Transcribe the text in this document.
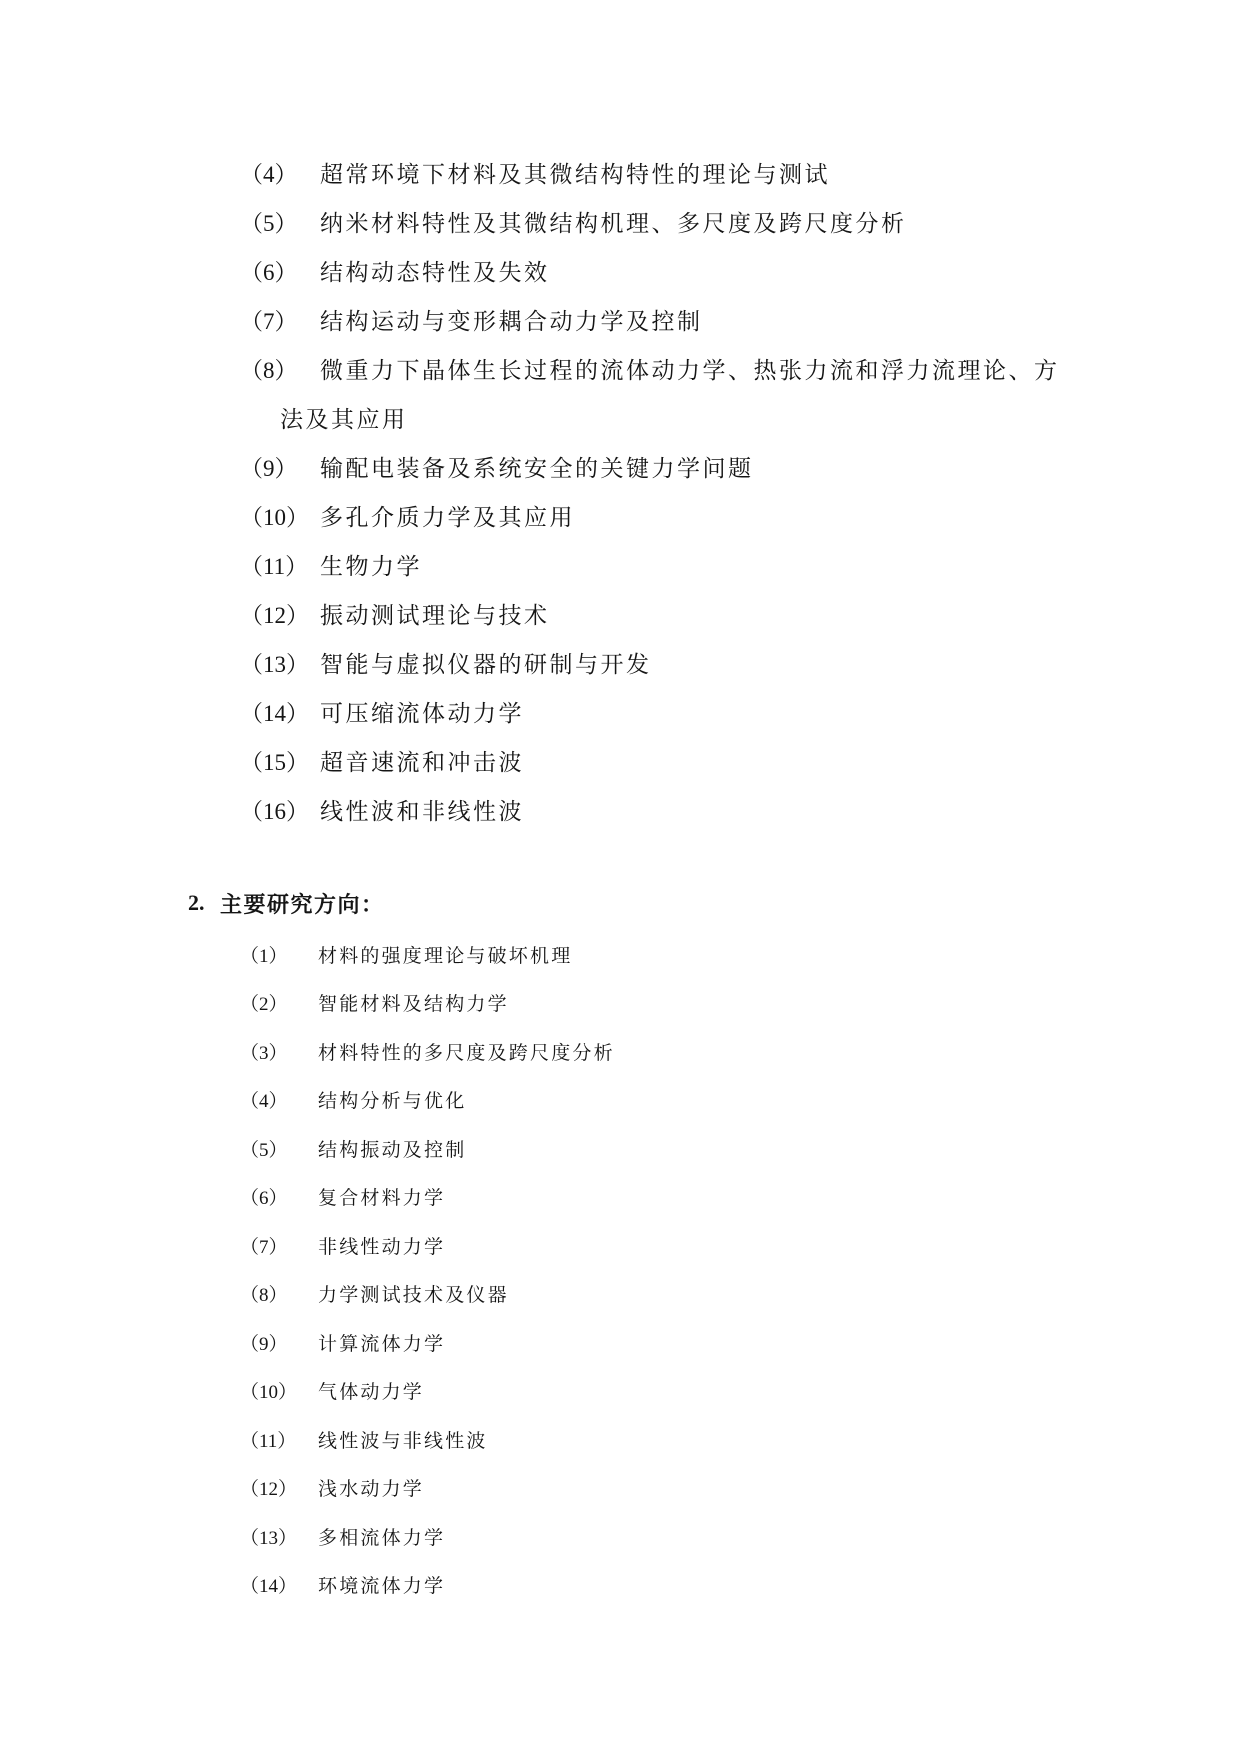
（4） 超常环境下材料及其微结构特性的理论与测试
（5） 纳米材料特性及其微结构机理、多尺度及跨尺度分析
（6） 结构动态特性及失效
（7） 结构运动与变形耦合动力学及控制
（8） 微重力下晶体生长过程的流体动力学、热张力流和浮力流理论、方
法及其应用
（9） 输配电装备及系统安全的关键力学问题
（10） 多孔介质力学及其应用
（11） 生物力学
（12） 振动测试理论与技术
（13） 智能与虚拟仪器的研制与开发
（14） 可压缩流体动力学
（15） 超音速流和冲击波
（16） 线性波和非线性波
2. 主要研究方向：
（1）	材料的强度理论与破坏机理
（2）	智能材料及结构力学
（3）	材料特性的多尺度及跨尺度分析
（4）	结构分析与优化
（5）	结构振动及控制
（6）	复合材料力学
（7）	非线性动力学
（8）	力学测试技术及仪器
（9）	计算流体力学
（10）	气体动力学
（11）	线性波与非线性波
（12）	浅水动力学
（13）	多相流体力学
（14）	环境流体力学
